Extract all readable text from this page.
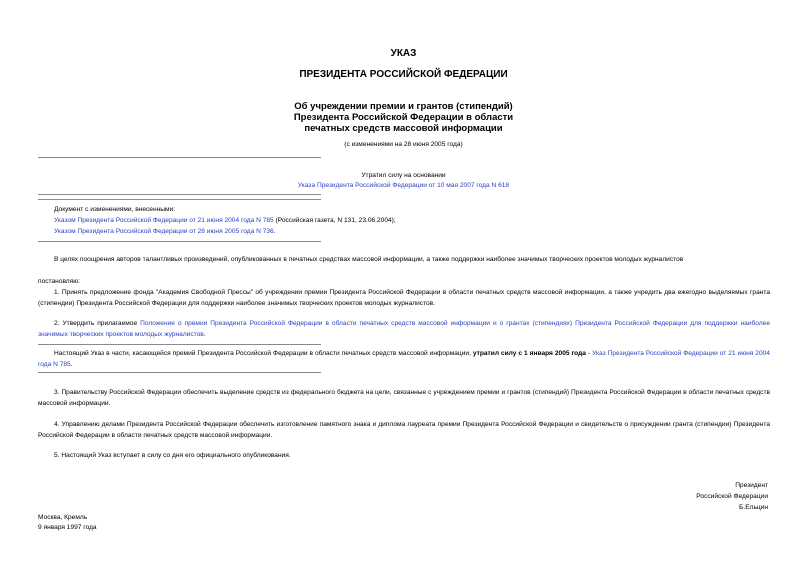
УКАЗ
ПРЕЗИДЕНТА РОССИЙСКОЙ ФЕДЕРАЦИИ
Об учреждении премии и грантов (стипендий)
Президента Российской Федерации в области
печатных средств массовой информации
(с изменениями на 28 июня 2005 года)
Утратил силу на основании
Указа Президента Российской Федерации от 10 мая 2007 года N 618
Документ с изменениями, внесенными:
Указом Президента Российской Федерации от 21 июня 2004 года N 785 (Российская газета, N 131, 23.06.2004);
Указом Президента Российской Федерации от 28 июня 2005 года N 736.
В целях поощрения авторов талантливых произведений, опубликованных в печатных средствах массовой информации, а также поддержки наиболее значимых творческих проектов молодых журналистов
постановляю:
1. Принять предложение фонда "Академия Свободной Прессы" об учреждении премии Президента Российской Федерации в области печатных средств массовой информации, а также учредить два ежегодно выделяемых гранта (стипендии) Президента Российской Федерации для поддержки наиболее значимых творческих проектов молодых журналистов.
2. Утвердить прилагаемое Положение о премии Президента Российской Федерации в области печатных средств массовой информации и о грантах (стипендиях) Президента Российской Федерации для поддержки наиболее значимых творческих проектов молодых журналистов.
Настоящий Указ в части, касающейся премий Президента Российской Федерации в области печатных средств массовой информации, утратил силу с 1 января 2005 года - Указ Президента Российской Федерации от 21 июня 2004 года N 785.
3. Правительству Российской Федерации обеспечить выделение средств из федерального бюджета на цели, связанные с учреждением премии и грантов (стипендий) Президента Российской Федерации в области печатных средств массовой информации.
4. Управлению делами Президента Российской Федерации обеспечить изготовление памятного знака и диплома лауреата премии Президента Российской Федерации и свидетельств о присуждении гранта (стипендии) Президента Российской Федерации в области печатных средств массовой информации.
5. Настоящий Указ вступает в силу со дня его официального опубликования.
Президент
Российской Федерации
Б.Ельцин
Москва, Кремль
9 января 1997 года
